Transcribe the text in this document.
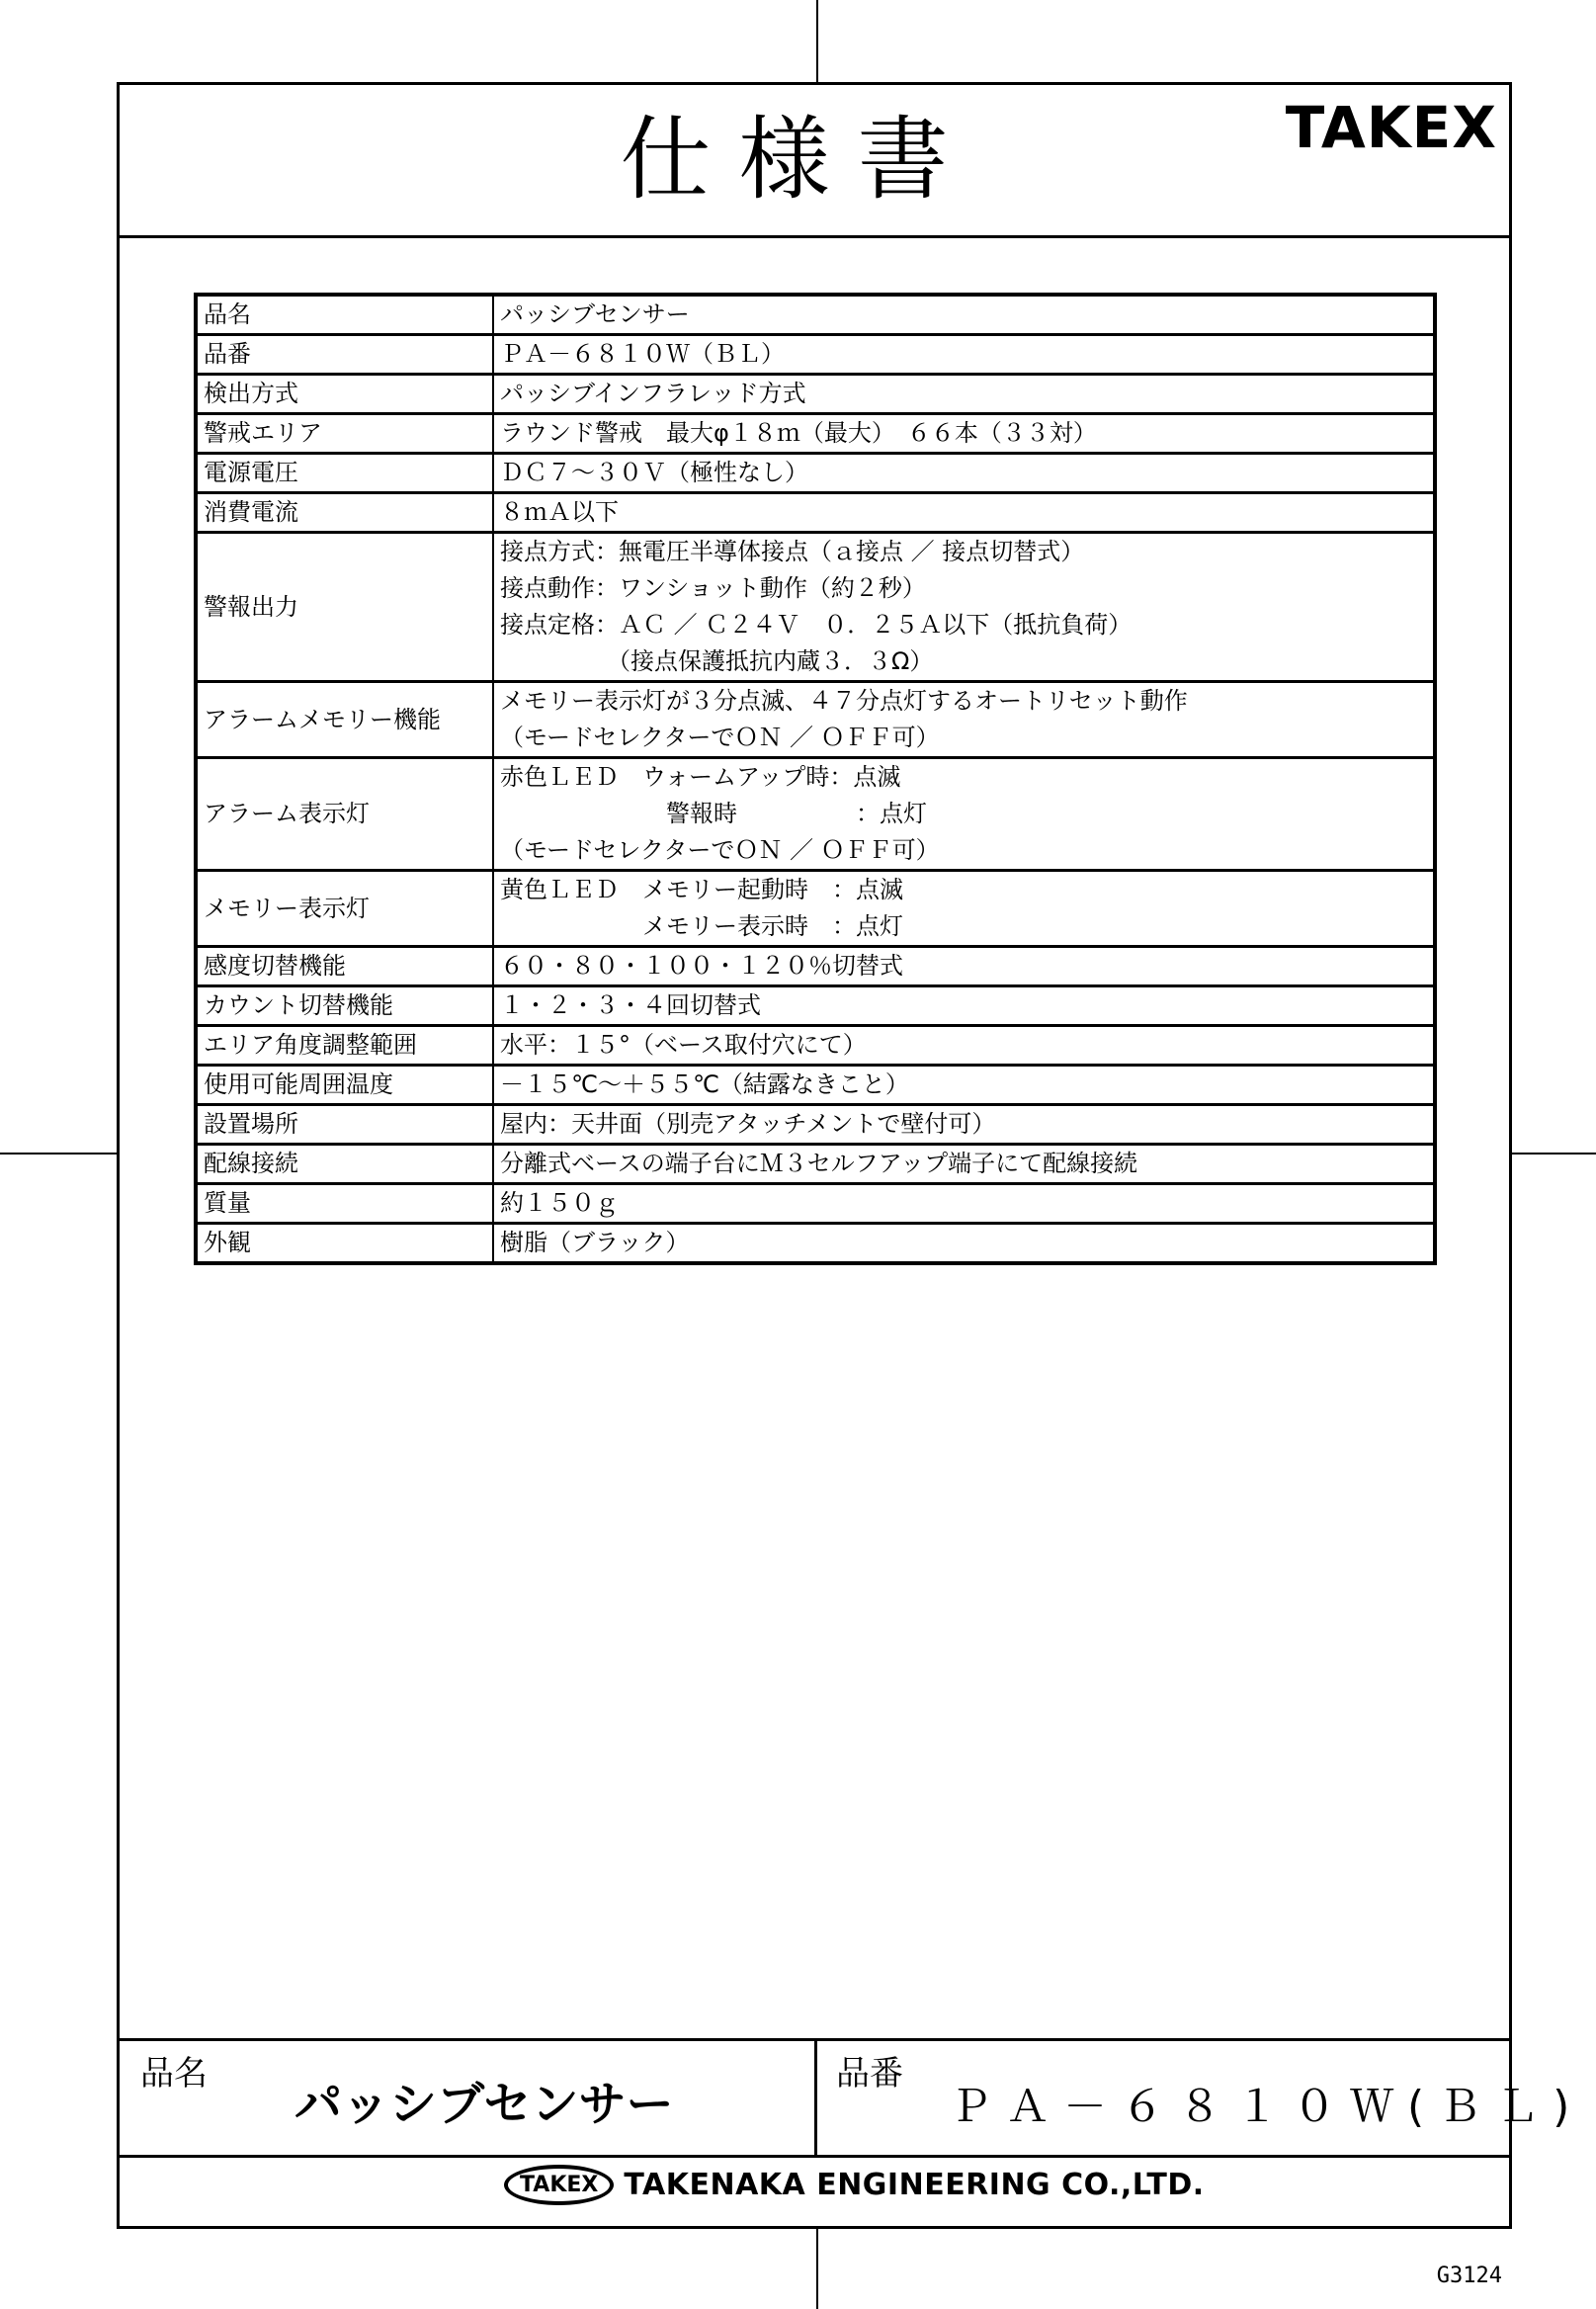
仕様書	TAKEX
品名	パッシブセンサー

品番	ＰＡ－６８１０Ｗ（ＢＬ）

検出方式	パッシブインフラレッド方式

警戒エリア	ラウンド警戒　最大φ１８ｍ（最大）　６６本（３３対）

電源電圧	ＤＣ７～３０Ｖ（極性なし）

消費電流	８ｍＡ以下

警報出力	接点方式：無電圧半導体接点（ａ接点 ／ 接点切替式）
接点動作：ワンショット動作（約２秒）
接点定格：ＡＣ ／ Ｃ２４Ｖ　０．２５Ａ以下（抵抗負荷）
　　　　　（接点保護抵抗内蔵３．３Ω）

アラームメモリー機能	メモリー表示灯が３分点滅、４７分点灯するオートリセット動作
（モードセレクターでＯＮ ／ ＯＦＦ可）

アラーム表示灯	赤色ＬＥＤ　ウォームアップ時：点滅
　　　　　　　警報時　　　　　：点灯
（モードセレクターでＯＮ ／ ＯＦＦ可）

メモリー表示灯	黄色ＬＥＤ　メモリー起動時　：点滅
　　　　　　メモリー表示時　：点灯

感度切替機能	６０・８０・１００・１２０％切替式

カウント切替機能	１・２・３・４回切替式

エリア角度調整範囲	水平：１５°（ベース取付穴にて）

使用可能周囲温度	－１５℃～＋５５℃（結露なきこと）

設置場所	屋内：天井面（別売アタッチメントで壁付可）

配線接続	分離式ベースの端子台にＭ３セルフアップ端子にて配線接続

質量	約１５０ｇ

外観	樹脂（ブラック）
品名
パッシブセンサー
品番
ＰＡ－６８１０Ｗ(ＢＬ)
TAKEX TAKENAKA ENGINEERING CO.,LTD.
G3124
